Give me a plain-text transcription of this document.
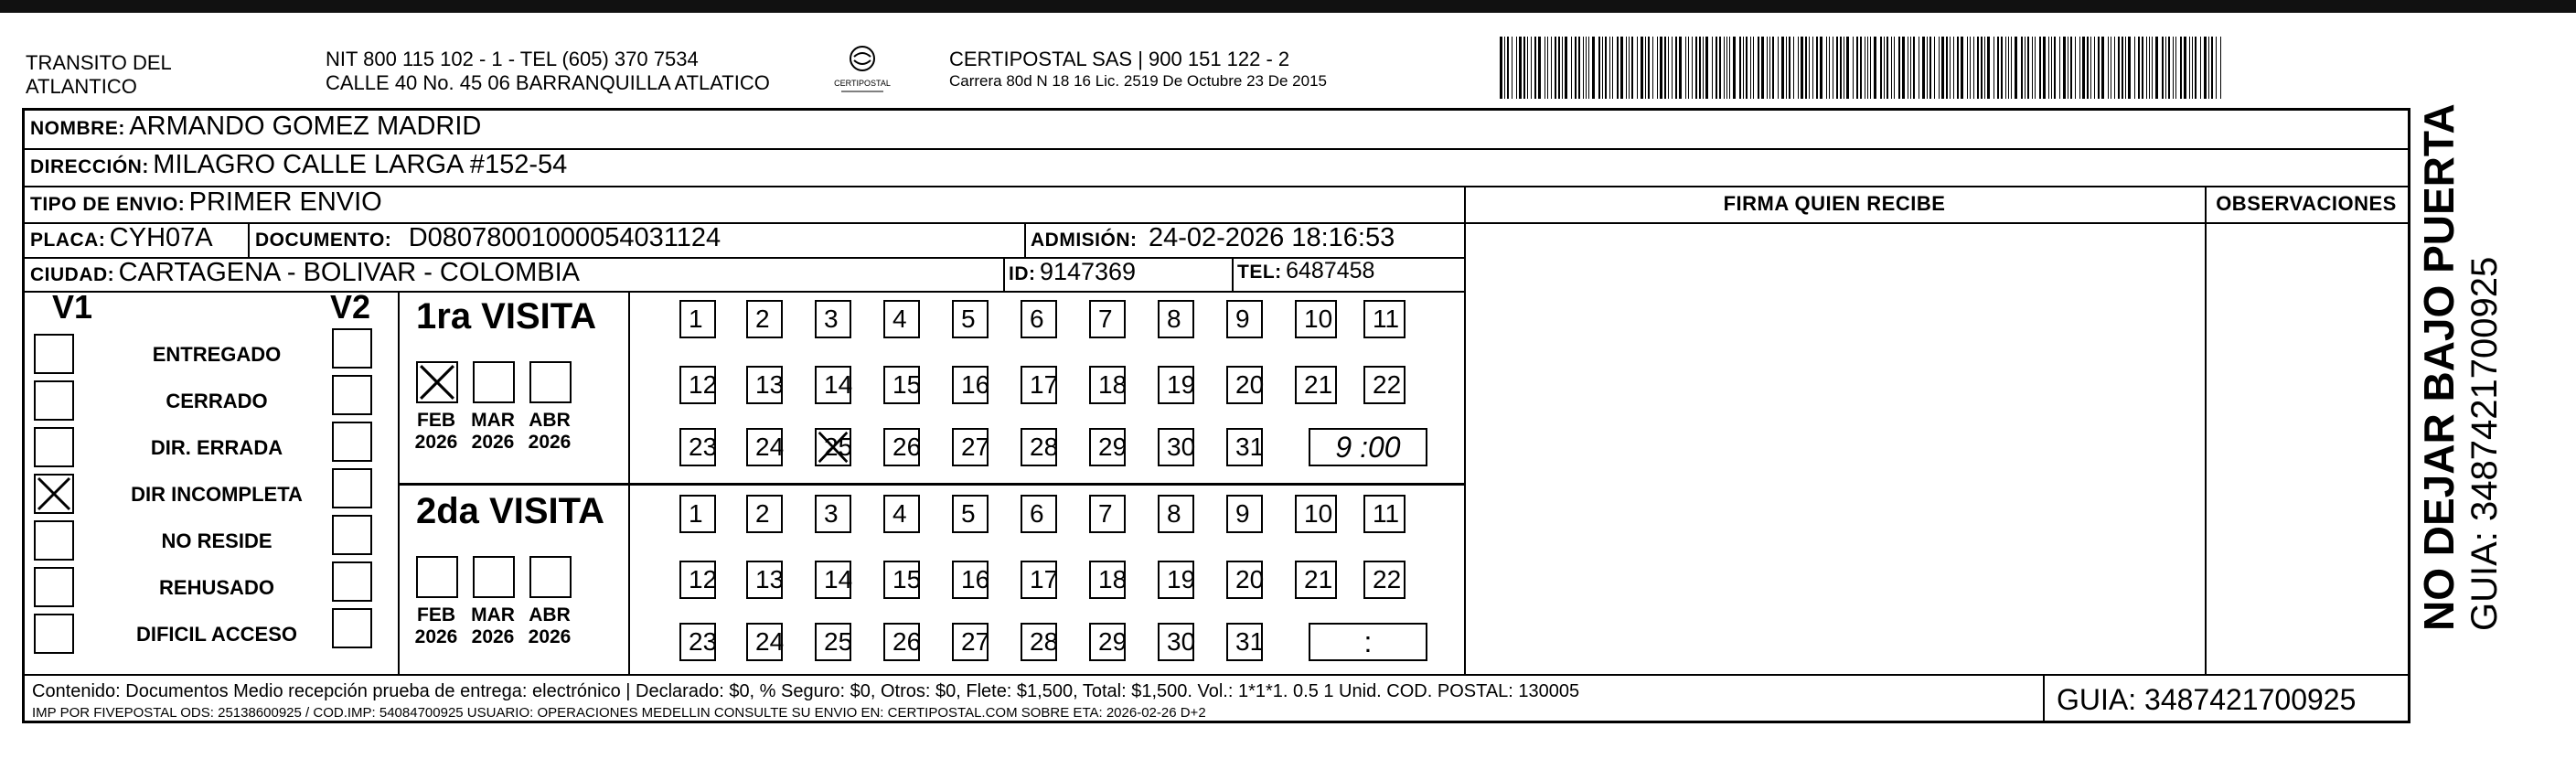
TRANSITO DEL
ATLANTICO
NIT 800 115 102 - 1 - TEL (605) 370 7534
CALLE 40 No. 45 06 BARRANQUILLA ATLATICO	CERTIPOSTAL
CERTIPOSTAL SAS | 900 151 122 - 2
Carrera 80d N 18 16 Lic. 2519 De Octubre 23 De 2015
NOMBRE: ARMANDO GOMEZ MADRID
DIRECCIÓN: MILAGRO CALLE LARGA #152-54
TIPO DE ENVIO: PRIMER ENVIO	FIRMA QUIEN RECIBE	OBSERVACIONES
PLACA: CYH07A DOCUMENTO: D08078001000054031124	ADMISIÓN: 24-02-2026 18:16:53
CIUDAD: CARTAGENA - BOLIVAR - COLOMBIA	ID: 9147369	TEL: 6487458
V1	V2
ENTREGADO
CERRADO
DIR. ERRADA
DIR INCOMPLETA
NO RESIDE
REHUSADO
DIFICIL ACCESO
1ra VISITA
FEB
2026
MAR
2026
ABR
2026
1	2	3	4	5	6	7	8	9	10	11
12	13	14	15	16	17	18	19	20	21	22
23	24	25	26	27	28	29	30	31	9 :00
2da VISITA
FEB
2026
MAR
2026
ABR
2026
1	2	3	4	5	6	7	8	9	10	11
12	13	14	15	16	17	18	19	20	21	22
23	24	25	26	27	28	29	30	31	:
Contenido: Documentos Medio recepción prueba de entrega: electrónico | Declarado: $0, % Seguro: $0, Otros: $0, Flete: $1,500, Total: $1,500. Vol.: 1*1*1. 0.5 1 Unid. COD. POSTAL: 130005
IMP POR FIVEPOSTAL ODS: 25138600925 / COD.IMP: 54084700925 USUARIO: OPERACIONES MEDELLIN CONSULTE SU ENVIO EN: CERTIPOSTAL.COM SOBRE ETA: 2026-02-26 D+2	GUIA: 3487421700925
NO DEJAR BAJO PUERTA GUIA: 3487421700925
